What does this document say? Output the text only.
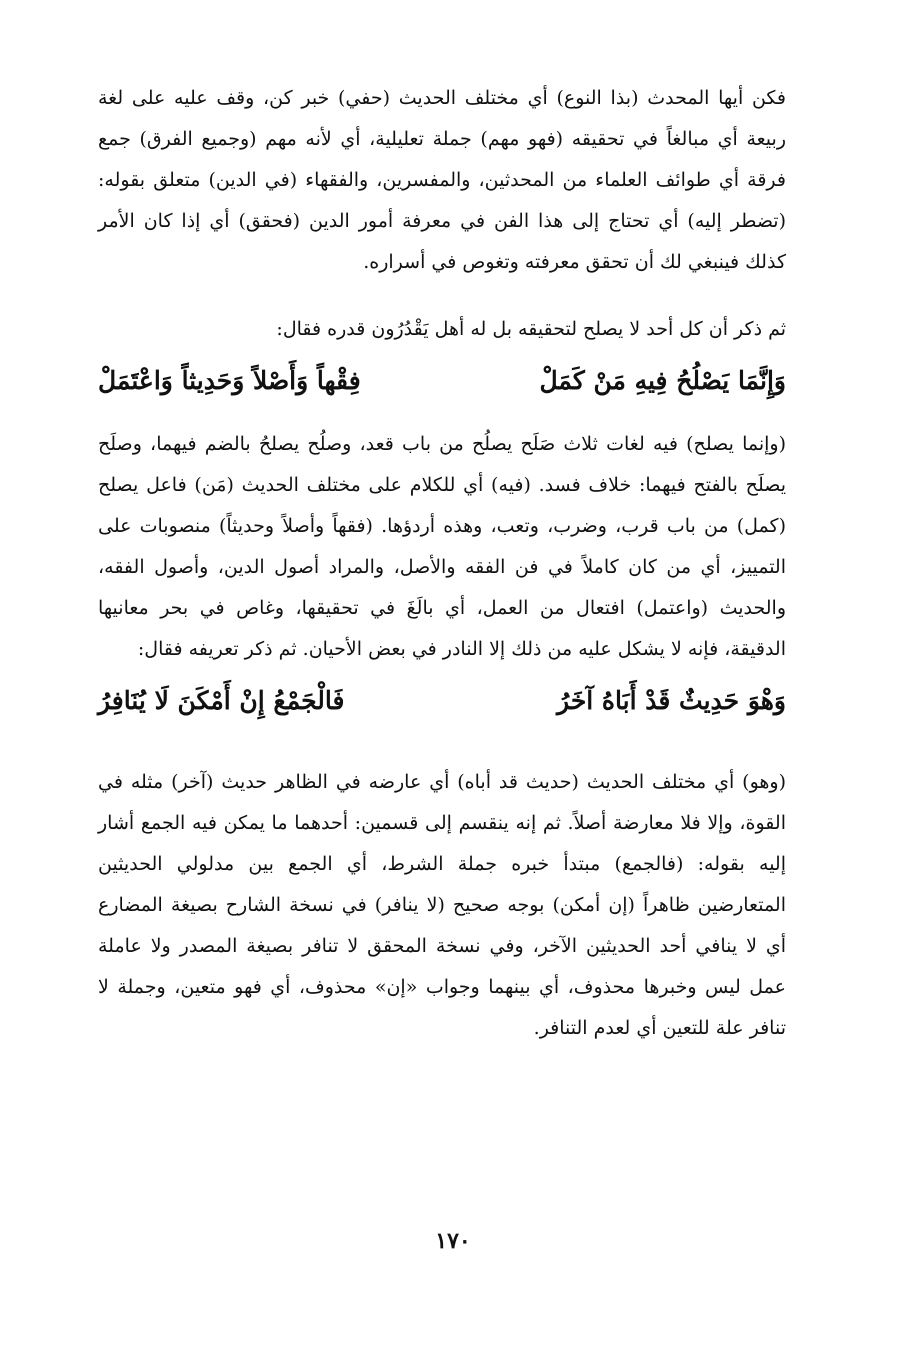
فكن أيها المحدث (بذا النوع) أي مختلف الحديث (حفي) خبر كن، وقف عليه على لغة ربيعة أي مبالغاً في تحقيقه (فهو مهم) جملة تعليلية، أي لأنه مهم (وجميع الفرق) جمع فرقة أي طوائف العلماء من المحدثين، والمفسرين، والفقهاء (في الدين) متعلق بقوله: (تضطر إليه) أي تحتاج إلى هذا الفن في معرفة أمور الدين (فحقق) أي إذا كان الأمر كذلك فينبغي لك أن تحقق معرفته وتغوص في أسراره.

ثم ذكر أن كل أحد لا يصلح لتحقيقه بل له أهل يَقْدُرُون قدره فقال:

وَإِنَّمَا يَصْلُحُ فِيهِ مَنْ كَمَلْ
فِقْهاً وَأَصْلاً وَحَدِيثاً وَاعْتَمَلْ

(وإنما يصلح) فيه لغات ثلاث صَلَح يصلُح من باب قعد، وصلُح يصلحُ بالضم فيهما، وصلَح يصلَح بالفتح فيهما: خلاف فسد. (فيه) أي للكلام على مختلف الحديث (مَن) فاعل يصلح (كمل) من باب قرب، وضرب، وتعب، وهذه أردؤها. (فقهاً وأصلاً وحديثاً) منصوبات على التمييز، أي من كان كاملاً في فن الفقه والأصل، والمراد أصول الدين، وأصول الفقه، والحديث (واعتمل) افتعال من العمل، أي بالَغَ في تحقيقها، وغاص في بحر معانيها الدقيقة، فإنه لا يشكل عليه من ذلك إلا النادر في بعض الأحيان. ثم ذكر تعريفه فقال:

وَهْوَ حَدِيثٌ قَدْ أَبَاهُ آخَرُ
فَالْجَمْعُ إِنْ أَمْكَنَ لَا يُنَافِرُ

(وهو) أي مختلف الحديث (حديث قد أباه) أي عارضه في الظاهر حديث (آخر) مثله في القوة، وإلا فلا معارضة أصلاً. ثم إنه ينقسم إلى قسمين: أحدهما ما يمكن فيه الجمع أشار إليه بقوله: (فالجمع) مبتدأ خبره جملة الشرط، أي الجمع بين مدلولي الحديثين المتعارضين ظاهراً (إن أمكن) بوجه صحيح (لا ينافر) في نسخة الشارح بصيغة المضارع أي لا ينافي أحد الحديثين الآخر، وفي نسخة المحقق لا تنافر بصيغة المصدر ولا عاملة عمل ليس وخبرها محذوف، أي بينهما وجواب «إن» محذوف، أي فهو متعين، وجملة لا تنافر علة للتعين أي لعدم التنافر.

١٧٠
